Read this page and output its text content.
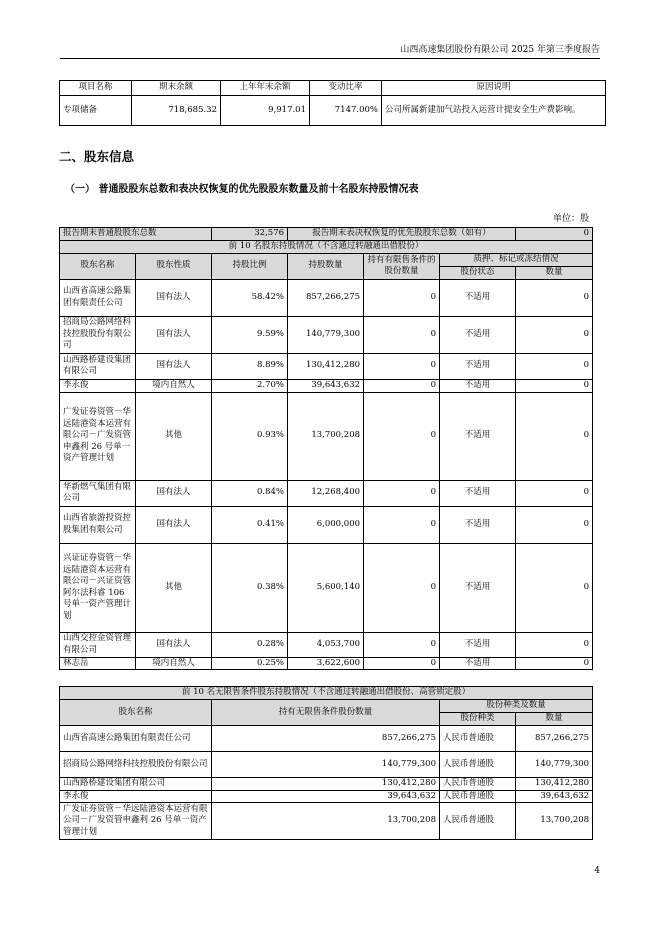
山西高速集团股份有限公司 2025 年第三季度报告
项目名称	期末余额	上年年末余额	变动比率	原因说明
专项储备	718,685.32	9,917.01	7147.00%	公司所属新建加气站投入运营计提安全生产费影响。
二、股东信息
（一） 普通股股东总数和表决权恢复的优先股股东数量及前十名股东持股情况表
单位：股
报告期末普通股股东总数		32,576	报告期末表决权恢复的优先股股东总数（如有）			0
前 10 名股东持股情况（不含通过转融通出借股份）						
股东名称	股东性质	持股比例	持股数量	持有有限售条件的股份数量	质押、标记或冻结情况	
					股份状态	数量
山西省高速公路集团有限责任公司	国有法人	58.42%	857,266,275	0	不适用	0
招商局公路网络科技控股股份有限公司	国有法人	9.59%	140,779,300	0	不适用	0
山西路桥建设集团有限公司	国有法人	8.89%	130,412,280	0	不适用	0
李永俊	境内自然人	2.70%	39,643,632	0	不适用	0
广发证券资管－华远陆港资本运营有限公司－广发资管申鑫利 26 号单一资产管理计划	其他	0.93%	13,700,208	0	不适用	0
华新燃气集团有限公司	国有法人	0.84%	12,268,400	0	不适用	0
山西省旅游投资控股集团有限公司	国有法人	0.41%	6,000,000	0	不适用	0
兴证证券资管－华远陆港资本运营有限公司－兴证资管阿尔法科睿 106 号单一资产管理计划	其他	0.38%	5,600,140	0	不适用	0
山西交控金资管理有限公司	国有法人	0.28%	4,053,700	0	不适用	0
林志岳	境内自然人	0.25%	3,622,600	0	不适用	0
前 10 名无限售条件股东持股情况（不含通过转融通出借股份、高管锁定股）			
股东名称	持有无限售条件股份数量	股份种类及数量	
		股份种类	数量
山西省高速公路集团有限责任公司	857,266,275	人民币普通股	857,266,275
招商局公路网络科技控股股份有限公司	140,779,300	人民币普通股	140,779,300
山西路桥建设集团有限公司	130,412,280	人民币普通股	130,412,280
李永俊	39,643,632	人民币普通股	39,643,632
广发证券资管－华远陆港资本运营有限公司－广发资管申鑫利 26 号单一资产管理计划	13,700,208	人民币普通股	13,700,208
4
